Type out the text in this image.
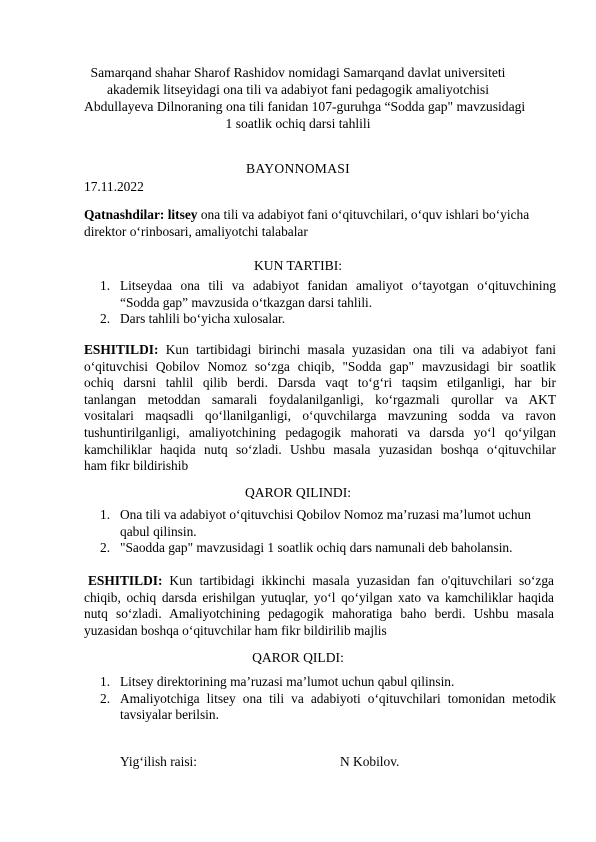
Samarqand shahar Sharof Rashidov nomidagi Samarqand davlat universiteti
akademik litseyidagi ona tili va adabiyot fani pedagogik amaliyotchisi
Abdullayeva Dilnoraning ona tili fanidan 107-guruhga “Sodda gap" mavzusidagi
1 soatlik ochiq darsi tahlili
BAYONNOMASI
17.11.2022
Qatnashdilar: litsey ona tili va adabiyot fani o‘qituvchilari, o‘quv ishlari bo‘yicha
direktor o‘rinbosari, amaliyotchi talabalar
KUN TARTIBI:
1. Litseydaa ona tili va adabiyot fanidan amaliyot o‘tayotgan o‘qituvchining
“Sodda gap” mavzusida o‘tkazgan darsi tahlili.
2. Dars tahlili bo‘yicha xulosalar.
ESHITILDI: Kun tartibidagi birinchi masala yuzasidan ona tili va adabiyot fani
o‘qituvchisi Qobilov Nomoz so‘zga chiqib, "Sodda gap" mavzusidagi bir soatlik
ochiq darsni tahlil qilib berdi. Darsda vaqt to‘g‘ri taqsim etilganligi, har bir
tanlangan metoddan samarali foydalanilganligi, ko‘rgazmali qurollar va AKT
vositalari maqsadli qo‘llanilganligi, o‘quvchilarga mavzuning sodda va ravon
tushuntirilganligi, amaliyotchining pedagogik mahorati va darsda yo‘l qo‘yilgan
kamchiliklar haqida nutq so‘zladi. Ushbu masala yuzasidan boshqa o‘qituvchilar
ham fikr bildirishib
QAROR QILINDI:
1. Ona tili va adabiyot o‘qituvchisi Qobilov Nomoz ma’ruzasi ma’lumot uchun
qabul qilinsin.
2. "Saodda gap" mavzusidagi 1 soatlik ochiq dars namunali deb baholansin.
ESHITILDI: Kun tartibidagi ikkinchi masala yuzasidan fan o'qituvchilari so‘zga
chiqib, ochiq darsda erishilgan yutuqlar, yo‘l qo‘yilgan xato va kamchiliklar haqida
nutq so‘zladi. Amaliyotchining pedagogik mahoratiga baho berdi. Ushbu masala
yuzasidan boshqa o‘qituvchilar ham fikr bildirilib majlis
QAROR QILDI:
1. Litsey direktorining ma’ruzasi ma’lumot uchun qabul qilinsin.
2. Amaliyotchiga litsey ona tili va adabiyoti o‘qituvchilari tomonidan metodik
tavsiyalar berilsin.
Yig‘ilish raisi:	N Kobilov.
